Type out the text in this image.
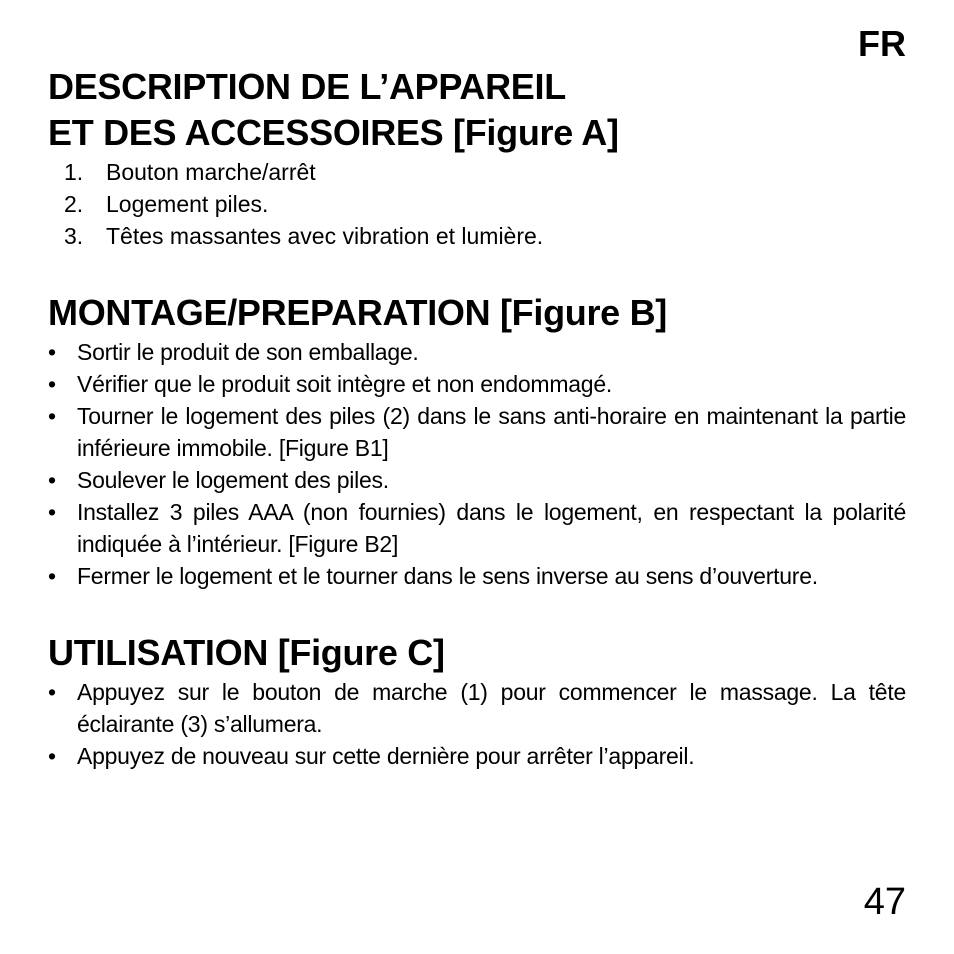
FR
DESCRIPTION DE L’APPAREIL
ET DES ACCESSOIRES [Figure A]
1. Bouton marche/arrêt
2. Logement piles.
3. Têtes massantes avec vibration et lumière.
MONTAGE/PREPARATION [Figure B]
• Sortir le produit de son emballage.
• Vérifier que le produit soit intègre et non endommagé.
• Tourner le logement des piles (2) dans le sans anti-horaire en maintenant la partie inférieure immobile. [Figure B1]
• Soulever le logement des piles.
• Installez 3 piles AAA (non fournies) dans le logement, en respectant la polarité indiquée à l’intérieur. [Figure B2]
• Fermer le logement et le tourner dans le sens inverse au sens d’ouverture.
UTILISATION [Figure C]
• Appuyez sur le bouton de marche (1) pour commencer le massage. La tête éclairante (3) s’allumera.
• Appuyez de nouveau sur cette dernière pour arrêter l’appareil.
47
